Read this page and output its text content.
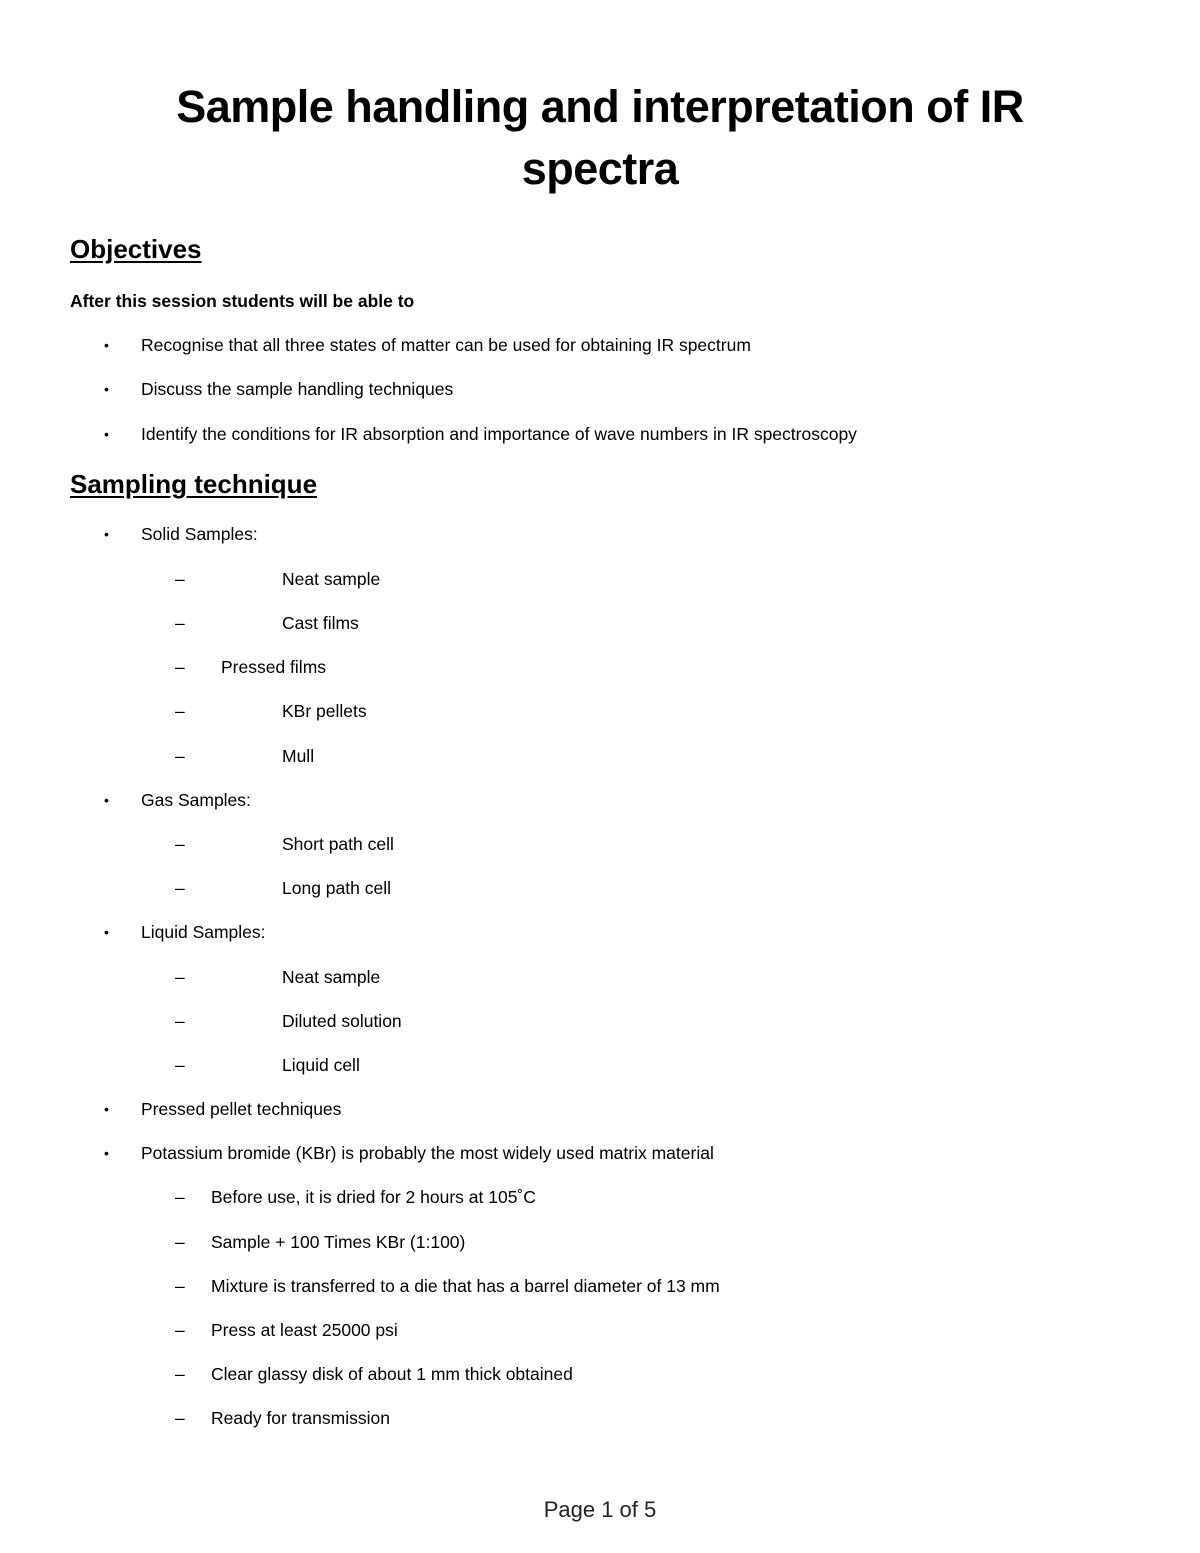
Sample handling and interpretation of IR
spectra
Objectives
After this session students will be able to
• Recognise that all three states of matter can be used for obtaining IR spectrum
• Discuss the sample handling techniques
• Identify the conditions for IR absorption and importance of wave numbers in IR spectroscopy
Sampling technique
• Solid Samples:
–	Neat sample
–	Cast films
– Pressed films
–	KBr pellets
–	Mull
• Gas Samples:
–	Short path cell
–	Long path cell
• Liquid Samples:
–	Neat sample
–	Diluted solution
–	Liquid cell
• Pressed pellet techniques
• Potassium bromide (KBr) is probably the most widely used matrix material
– Before use, it is dried for 2 hours at 105˚C
– Sample + 100 Times KBr (1:100)
– Mixture is transferred to a die that has a barrel diameter of 13 mm
– Press at least 25000 psi
– Clear glassy disk of about 1 mm thick obtained
– Ready for transmission
Page 1 of 5
